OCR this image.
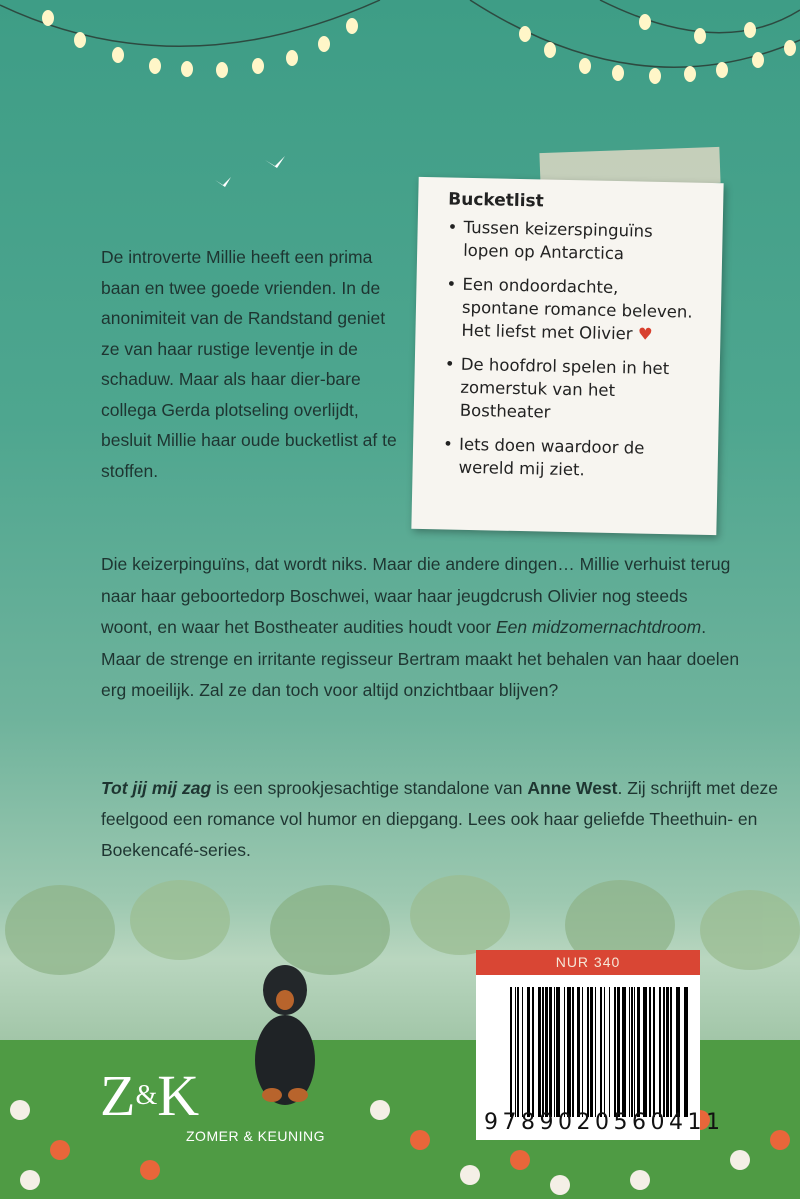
De introverte Millie heeft een prima baan en twee goede vrienden. In de anonimiteit van de Randstand geniet ze van haar rustige leventje in de schaduw. Maar als haar dier-bare collega Gerda plotseling overlijdt, besluit Millie haar oude bucketlist af te stoffen.
Bucketlist
• Tussen keizerspinguïns lopen op Antarctica
• Een ondoordachte, spontane romance beleven. Het liefst met Olivier ♥
• De hoofdrol spelen in het zomerstuk van het Bostheater
• Iets doen waardoor de wereld mij ziet.
Die keizerpinguïns, dat wordt niks. Maar die andere dingen… Millie verhuist terug naar haar geboortedorp Boschwei, waar haar jeugdcrush Olivier nog steeds woont, en waar het Bostheater audities houdt voor Een midzomernachtdroom. Maar de strenge en irritante regisseur Bertram maakt het behalen van haar doelen erg moeilijk. Zal ze dan toch voor altijd onzichtbaar blijven?
Tot jij mij zag is een sprookjesachtige standalone van Anne West. Zij schrijft met deze feelgood een romance vol humor en diepgang. Lees ook haar geliefde Theethuin- en Boekencafé-series.
NUR 340
9789020560411
Z&K
ZOMER & KEUNING
